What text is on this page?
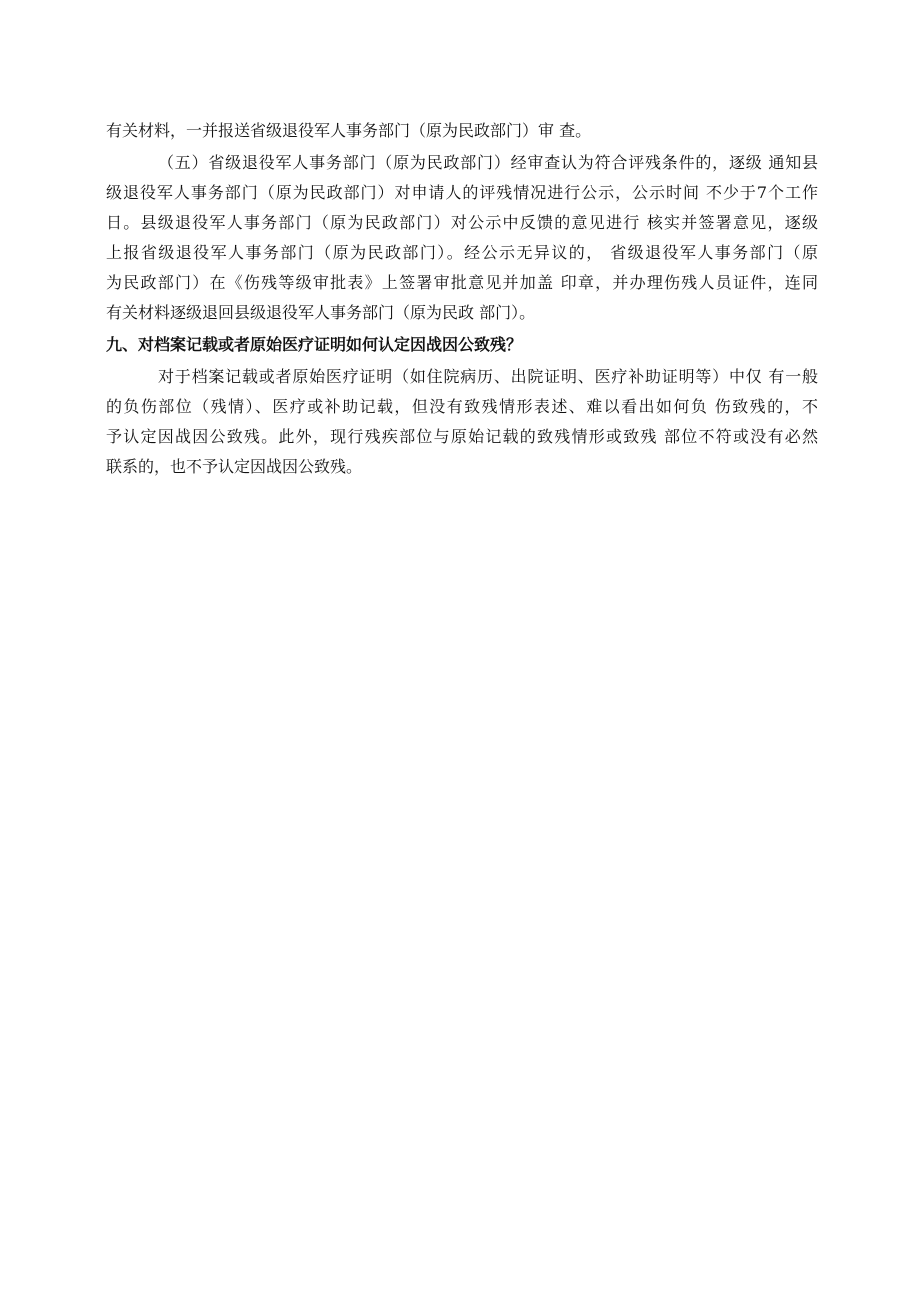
有关材料，一并报送省级退役军人事务部门（原为民政部门）审 查。

（五）省级退役军人事务部门（原为民政部门）经审查认为符合评残条件的，逐级 通知县

级退役军人事务部门（原为民政部门）对申请人的评残情况进行公示，公示时间 不少于7个工作

日。县级退役军人事务部门（原为民政部门）对公示中反馈的意见进行 核实并签署意见，逐级

上报省级退役军人事务部门（原为民政部门）。经公示无异议的， 省级退役军人事务部门（原

为民政部门）在《伤残等级审批表》上签署审批意见并加盖 印章，并办理伤残人员证件，连同

有关材料逐级退回县级退役军人事务部门（原为民政 部门）。

九、对档案记载或者原始医疗证明如何认定因战因公致残？

对于档案记载或者原始医疗证明（如住院病历、出院证明、医疗补助证明等）中仅 有一般

的负伤部位（残情）、医疗或补助记载，但没有致残情形表述、难以看出如何负 伤致残的，不

予认定因战因公致残。此外，现行残疾部位与原始记载的致残情形或致残 部位不符或没有必然

联系的，也不予认定因战因公致残。
